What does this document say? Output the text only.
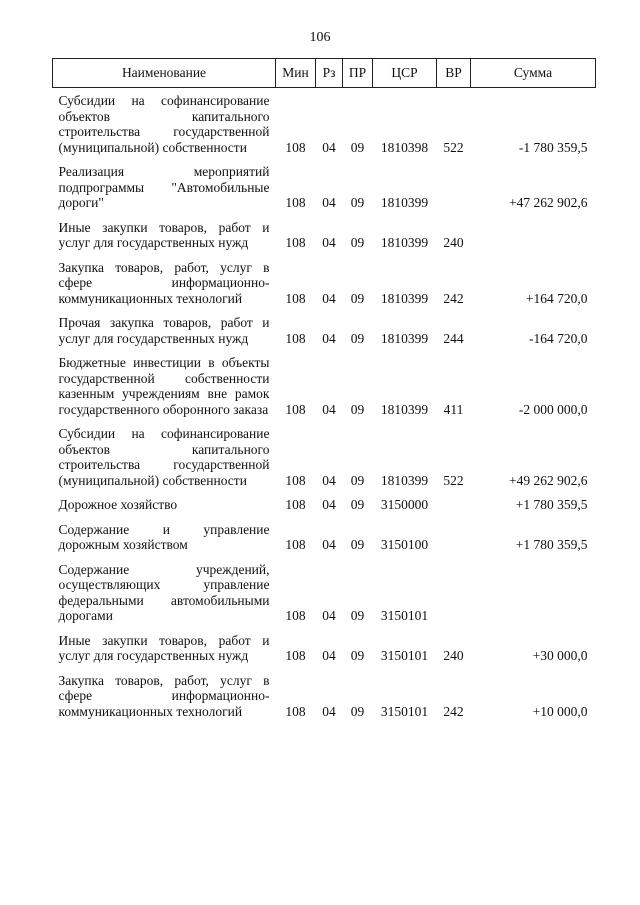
106
Наименование	Мин	Рз	ПР	ЦСР	ВР	Сумма
Субсидии на софинансирование объектов капитального строительства государственной (муниципальной) собственности	108	04	09	1810398	522	-1 780 359,5
Реализация мероприятий подпрограммы "Автомобильные дороги"	108	04	09	1810399		+47 262 902,6
Иные закупки товаров, работ и услуг для государственных нужд	108	04	09	1810399	240	
Закупка товаров, работ, услуг в сфере информационно-коммуникационных технологий	108	04	09	1810399	242	+164 720,0
Прочая закупка товаров, работ и услуг для государственных нужд	108	04	09	1810399	244	-164 720,0
Бюджетные инвестиции в объекты государственной собственности казенным учреждениям вне рамок государственного оборонного заказа	108	04	09	1810399	411	-2 000 000,0
Субсидии на софинансирование объектов капитального строительства государственной (муниципальной) собственности	108	04	09	1810399	522	+49 262 902,6
Дорожное хозяйство	108	04	09	3150000		+1 780 359,5
Содержание и управление дорожным хозяйством	108	04	09	3150100		+1 780 359,5
Содержание учреждений, осуществляющих управление федеральными автомобильными дорогами	108	04	09	3150101		
Иные закупки товаров, работ и услуг для государственных нужд	108	04	09	3150101	240	+30 000,0
Закупка товаров, работ, услуг в сфере информационно-коммуникационных технологий	108	04	09	3150101	242	+10 000,0
